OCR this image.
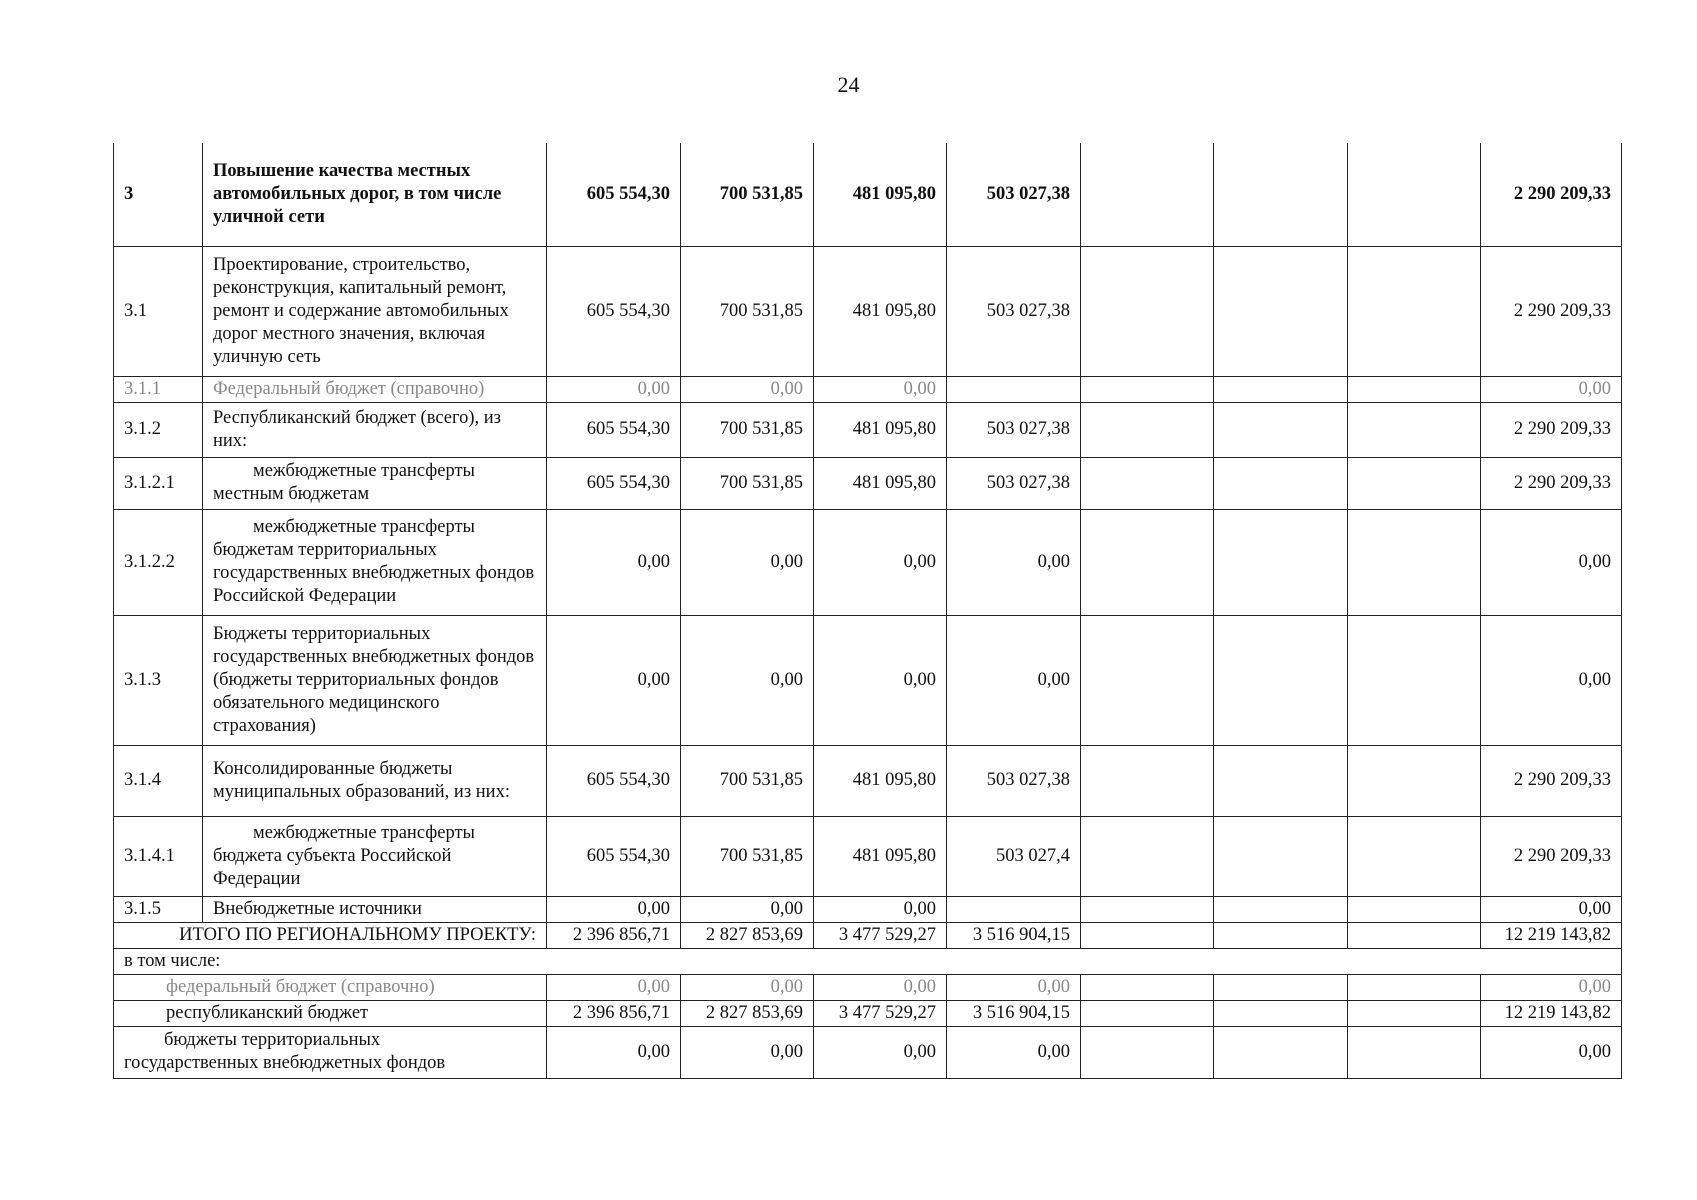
24
3	Повышение качества местных автомобильных дорог, в том числе уличной сети	605 554,30	700 531,85	481 095,80	503 027,38				2 290 209,33
3.1	Проектирование, строительство, реконструкция, капитальный ремонт, ремонт и содержание автомобильных дорог местного значения, включая уличную сеть	605 554,30	700 531,85	481 095,80	503 027,38				2 290 209,33
3.1.1	Федеральный бюджет (справочно)	0,00	0,00	0,00					0,00
3.1.2	Республиканский бюджет (всего), из них:	605 554,30	700 531,85	481 095,80	503 027,38				2 290 209,33
3.1.2.1	межбюджетные трансферты местным бюджетам	605 554,30	700 531,85	481 095,80	503 027,38				2 290 209,33
3.1.2.2	межбюджетные трансферты бюджетам территориальных государственных внебюджетных фондов Российской Федерации	0,00	0,00	0,00	0,00				0,00
3.1.3	Бюджеты территориальных государственных внебюджетных фондов (бюджеты территориальных фондов обязательного медицинского страхования)	0,00	0,00	0,00	0,00				0,00
3.1.4	Консолидированные бюджеты муниципальных образований, из них:	605 554,30	700 531,85	481 095,80	503 027,38				2 290 209,33
3.1.4.1	межбюджетные трансферты бюджета субъекта Российской Федерации	605 554,30	700 531,85	481 095,80	503 027,4				2 290 209,33
3.1.5	Внебюджетные источники	0,00	0,00	0,00					0,00
ИТОГО ПО РЕГИОНАЛЬНОМУ ПРОЕКТУ:		2 396 856,71	2 827 853,69	3 477 529,27	3 516 904,15				12 219 143,82
в том числе:									
федеральный бюджет (справочно)		0,00	0,00	0,00	0,00				0,00
республиканский бюджет		2 396 856,71	2 827 853,69	3 477 529,27	3 516 904,15				12 219 143,82
бюджеты территориальных государственных внебюджетных фондов		0,00	0,00	0,00	0,00				0,00
